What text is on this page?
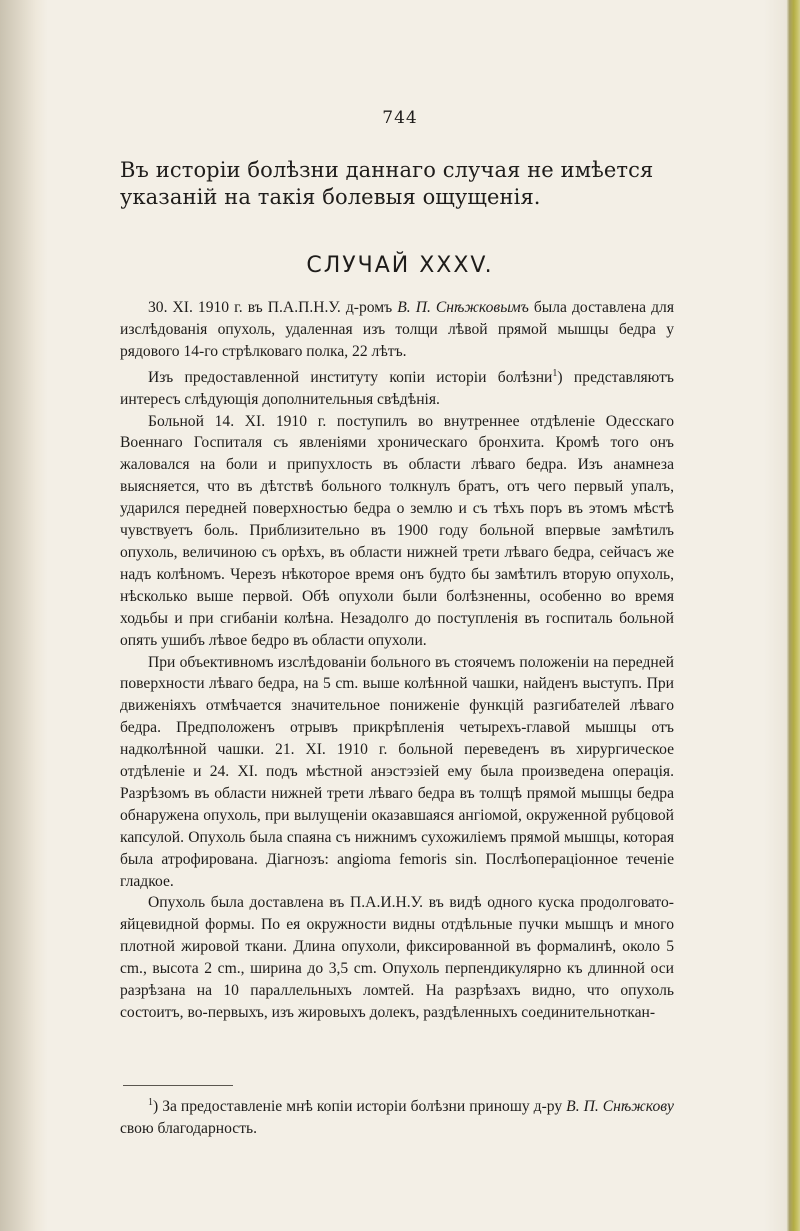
744
Въ исторіи болѣзни даннаго случая не имѣется указаній на такія болевыя ощущенія.
СЛУЧАЙ XXXV.

30. XI. 1910 г. въ П.А.П.Н.У. д-ромъ В. П. Снѣжковымъ была доставлена для изслѣдованія опухоль, удаленная изъ толщи лѣвой прямой мышцы бедра у рядового 14-го стрѣлковаго полка, 22 лѣтъ.

Изъ предоставленной институту копіи исторіи болѣзни$^1$) представляютъ интересъ слѣдующія дополнительныя свѣдѣнія.

Больной 14. XI. 1910 г. поступилъ во внутреннее отдѣленіе Одесскаго Военнаго Госпиталя съ явленіями хроническаго бронхита. Кромѣ того онъ жаловался на боли и припухлость въ области лѣваго бедра. Изъ анамнеза выясняется, что въ дѣтствѣ больного толкнулъ братъ, отъ чего первый упалъ, ударился передней поверхностью бедра о землю и съ тѣхъ поръ въ этомъ мѣстѣ чувствуетъ боль. Приблизительно въ 1900 году больной впервые замѣтилъ опухоль, величиною съ орѣхъ, въ области нижней трети лѣваго бедра, сейчасъ же надъ колѣномъ. Черезъ нѣкоторое время онъ будто бы замѣтилъ вторую опухоль, нѣсколько выше первой. Обѣ опухоли были болѣзненны, особенно во время ходьбы и при сгибаніи колѣна. Незадолго до поступленія въ госпиталь больной опять ушибъ лѣвое бедро въ области опухоли.

При объективномъ изслѣдованіи больного въ стоячемъ положеніи на передней поверхности лѣваго бедра, на 5 cm. выше колѣнной чашки, найденъ выступъ. При движеніяхъ отмѣчается значительное пониженіе функцій разгибателей лѣваго бедра. Предположенъ отрывъ прикрѣпленія четырехъ-главой мышцы отъ надколѣнной чашки. 21. XI. 1910 г. больной переведенъ въ хирургическое отдѣленіе и 24. XI. подъ мѣстной анэстэзіей ему была произведена операція. Разрѣзомъ въ области нижней трети лѣваго бедра въ толщѣ прямой мышцы бедра обнаружена опухоль, при вылущеніи оказавшаяся ангіомой, окруженной рубцовой капсулой. Опухоль была спаяна съ нижнимъ сухожиліемъ прямой мышцы, которая была атрофирована. Діагнозъ: angioma femoris sin. Послѣоперaціонное теченіе гладкое.

Опухоль была доставлена въ П.А.И.Н.У. въ видѣ одного куска продолговато-яйцевидной формы. По ея окружности видны отдѣльные пучки мышцъ и много плотной жировой ткани. Длина опухоли, фиксированной въ формалинѣ, около 5 cm., высота 2 cm., ширина до 3,5 cm. Опухоль перпендикулярно къ длинной оси разрѣзана на 10 параллельныхъ ломтей. На разрѣзахъ видно, что опухоль состоитъ, во-первыхъ, изъ жировыхъ долекъ, раздѣленныхъ соединительноткан-

$^1$) За предоставленіе мнѣ копіи исторіи болѣзни приношу д-ру В. П. Снѣжкову свою благодарность.
